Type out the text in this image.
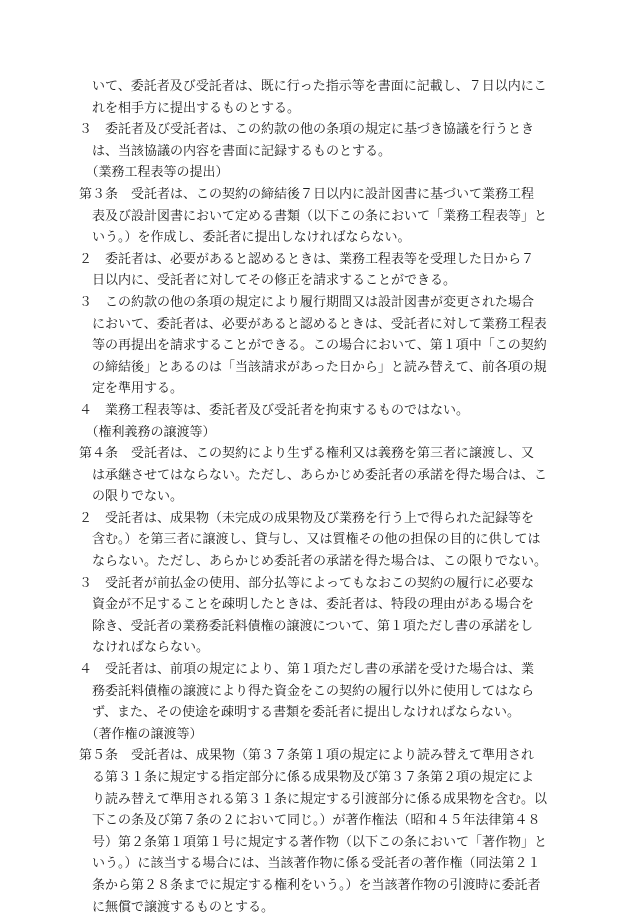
　いて、委託者及び受託者は、既に行った指示等を書面に記載し、７日以内にこ
　れを相手方に提出するものとする。
３　委託者及び受託者は、この約款の他の条項の規定に基づき協議を行うとき
　は、当該協議の内容を書面に記録するものとする。
　（業務工程表等の提出）
第３条　受託者は、この契約の締結後７日以内に設計図書に基づいて業務工程
　表及び設計図書において定める書類（以下この条において「業務工程表等」と
　いう。）を作成し、委託者に提出しなければならない。
２　委託者は、必要があると認めるときは、業務工程表等を受理した日から７
　日以内に、受託者に対してその修正を請求することができる。
３　この約款の他の条項の規定により履行期間又は設計図書が変更された場合
　において、委託者は、必要があると認めるときは、受託者に対して業務工程表
　等の再提出を請求することができる。この場合において、第１項中「この契約
　の締結後」とあるのは「当該請求があった日から」と読み替えて、前各項の規
　定を準用する。
４　業務工程表等は、委託者及び受託者を拘束するものではない。
　（権利義務の譲渡等）
第４条　受託者は、この契約により生ずる権利又は義務を第三者に譲渡し、又
　は承継させてはならない。ただし、あらかじめ委託者の承諾を得た場合は、こ
　の限りでない。
２　受託者は、成果物（未完成の成果物及び業務を行う上で得られた記録等を
　含む。）を第三者に譲渡し、貸与し、又は質権その他の担保の目的に供しては
　ならない。ただし、あらかじめ委託者の承諾を得た場合は、この限りでない。
３　受託者が前払金の使用、部分払等によってもなおこの契約の履行に必要な
　資金が不足することを疎明したときは、委託者は、特段の理由がある場合を
　除き、受託者の業務委託料債権の譲渡について、第１項ただし書の承諾をし
　なければならない。
４　受託者は、前項の規定により、第１項ただし書の承諾を受けた場合は、業
　務委託料債権の譲渡により得た資金をこの契約の履行以外に使用してはなら
　ず、また、その使途を疎明する書類を委託者に提出しなければならない。
　（著作権の譲渡等）
第５条　受託者は、成果物（第３７条第１項の規定により読み替えて準用され
　る第３１条に規定する指定部分に係る成果物及び第３７条第２項の規定によ
　り読み替えて準用される第３１条に規定する引渡部分に係る成果物を含む。以
　下この条及び第７条の２において同じ。）が著作権法（昭和４５年法律第４８
　号）第２条第１項第１号に規定する著作物（以下この条において「著作物」と
　いう。）に該当する場合には、当該著作物に係る受託者の著作権（同法第２１
　条から第２８条までに規定する権利をいう。）を当該著作物の引渡時に委託者
　に無償で譲渡するものとする。
